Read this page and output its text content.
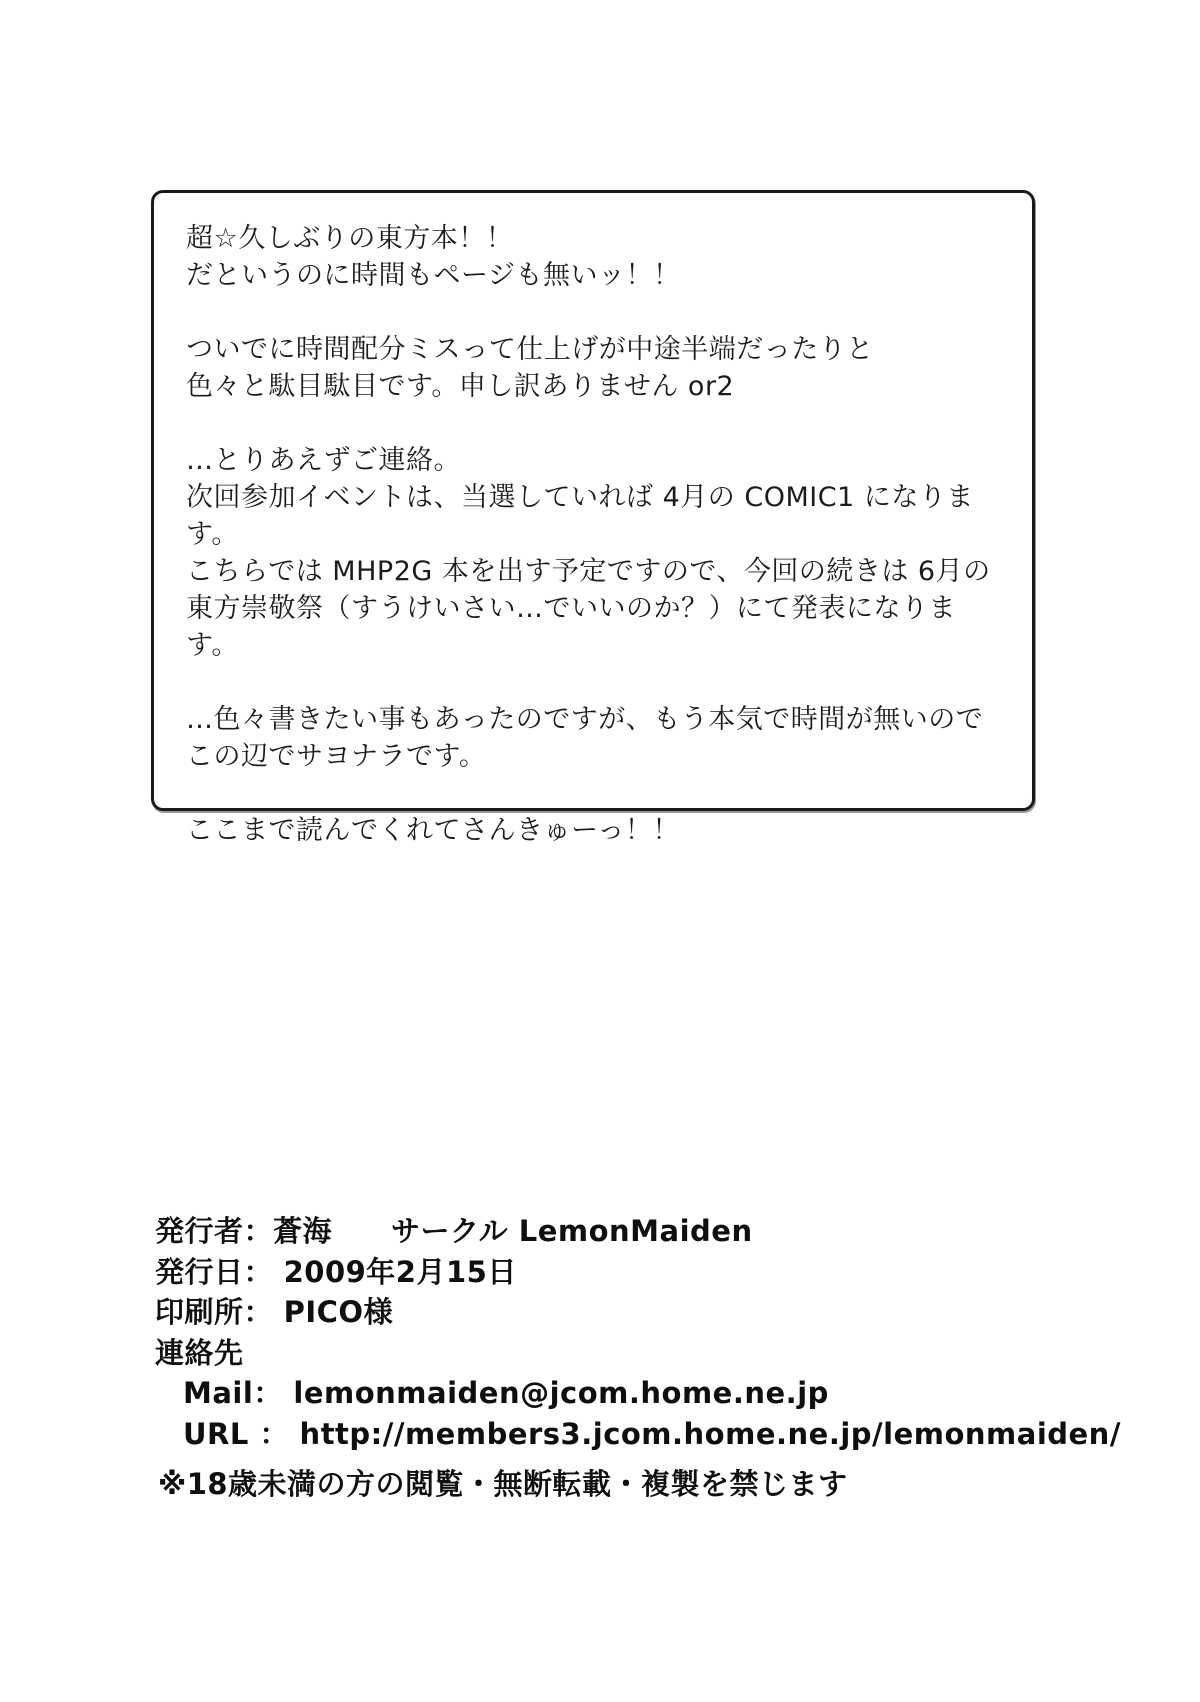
超☆久しぶりの東方本！！
だというのに時間もページも無いッ！！
ついでに時間配分ミスって仕上げが中途半端だったりと
色々と駄目駄目です。申し訳ありません or2
…とりあえずご連絡。
次回参加イベントは、当選していれば 4月の COMIC1 になります。
こちらでは MHP2G 本を出す予定ですので、今回の続きは 6月の
東方崇敬祭（すうけいさい…でいいのか？）にて発表になります。
…色々書きたい事もあったのですが、もう本気で時間が無いので
この辺でサヨナラです。
ここまで読んでくれてさんきゅーっ！！
発行者：蒼海　　サークル LemonMaiden
発行日： 2009年2月15日
印刷所： PICO様
連絡先
Mail： lemonmaiden@jcom.home.ne.jp
URL ： http://members3.jcom.home.ne.jp/lemonmaiden/
※18歳未満の方の閲覧・無断転載・複製を禁じます
